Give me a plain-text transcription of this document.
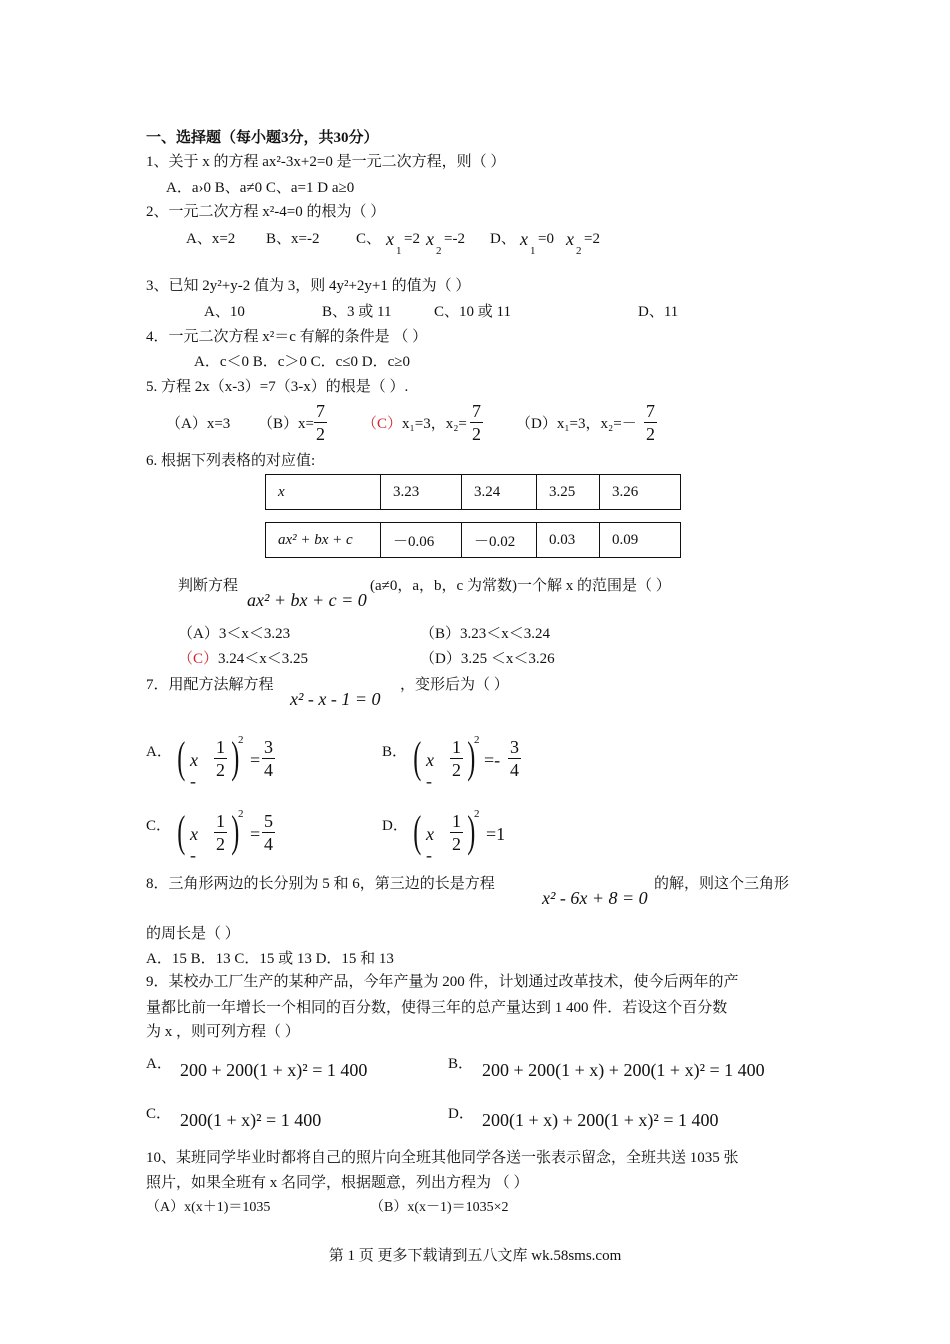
一、选择题（每小题3分，共30分）
1、关于 x 的方程 ax²-3x+2=0 是一元二次方程，则（ ）
A．a›0 B、a≠0 C、a=1 D a≥0
2、一元二次方程 x²-4=0 的根为（ ）
A、x=2 B、x=-2 C、 x
1
=2 x
2
=-2 D、 x
1
=0 x
2
=2
3、已知 2y²+y-2 值为 3，则 4y²+2y+1 的值为（ ）
A、10	B、3 或 11	C、10 或 11	D、11
4．一元二次方程 x²＝c 有解的条件是 （ ）
A．c＜0 B．c＞0 C．c≤0 D．c≥0
5. 方程 2x（x-3）=7（3-x）的根是（ ）.
（A）x=3 $(B)x= \frac{7}{2} (C)x_1=3$，$x_2= \frac{7}{2} (D)x_1=3$，$x_2=- \frac{7}{2}$
6. 根据下列表格的对应值:
x	3.23	3.24	3.25	3.26
ax² + bx + c	－0.06	－0.02	0.03	0.09
判断方程
ax² + bx + c = 0
(a≠0，a，b，c 为常数)一个解 x 的范围是（ ）
（A）3＜x＜3.23	（B）3.23＜x＜3.24
（C）3.24＜x＜3.25	（D）3.25 ＜x＜3.26
7．用配方法解方程
x² - x - 1 = 0
，变形后为（ ）
A． ( x - $\frac{1}{2}$ )
2
= $\frac{3}{4}$	B． ( x - $\frac{1}{2}$ )
2
=- $\frac{3}{4}$
C． ( x - $\frac{1}{2}$ )
2
= $\frac{5}{4}$	D． ( x - $\frac{1}{2}$ )
2
=1
8．三角形两边的长分别为 5 和 6，第三边的长是方程
x² - 6x + 8 = 0
的解，则这个三角形
的周长是（ ）
A．15 B．13 C．15 或 13 D．15 和 13
9．某校办工厂生产的某种产品，今年产量为 200 件，计划通过改革技术，使今后两年的产
量都比前一年增长一个相同的百分数，使得三年的总产量达到 1 400 件．若设这个百分数
为 x ，则可列方程（ ）
A． 200 + 200(1 + x)² = 1 400	B． 200 + 200(1 + x) + 200(1 + x)² = 1 400
C． 200(1 + x)² = 1 400	D． 200(1 + x) + 200(1 + x)² = 1 400
10、某班同学毕业时都将自己的照片向全班其他同学各送一张表示留念，全班共送 1035 张
照片，如果全班有 x 名同学，根据题意，列出方程为 （ ）
（A）x(x＋1)＝1035	（B）x(x－1)＝1035×2
第 1 页 更多下载请到五八文库 wk.58sms.com
